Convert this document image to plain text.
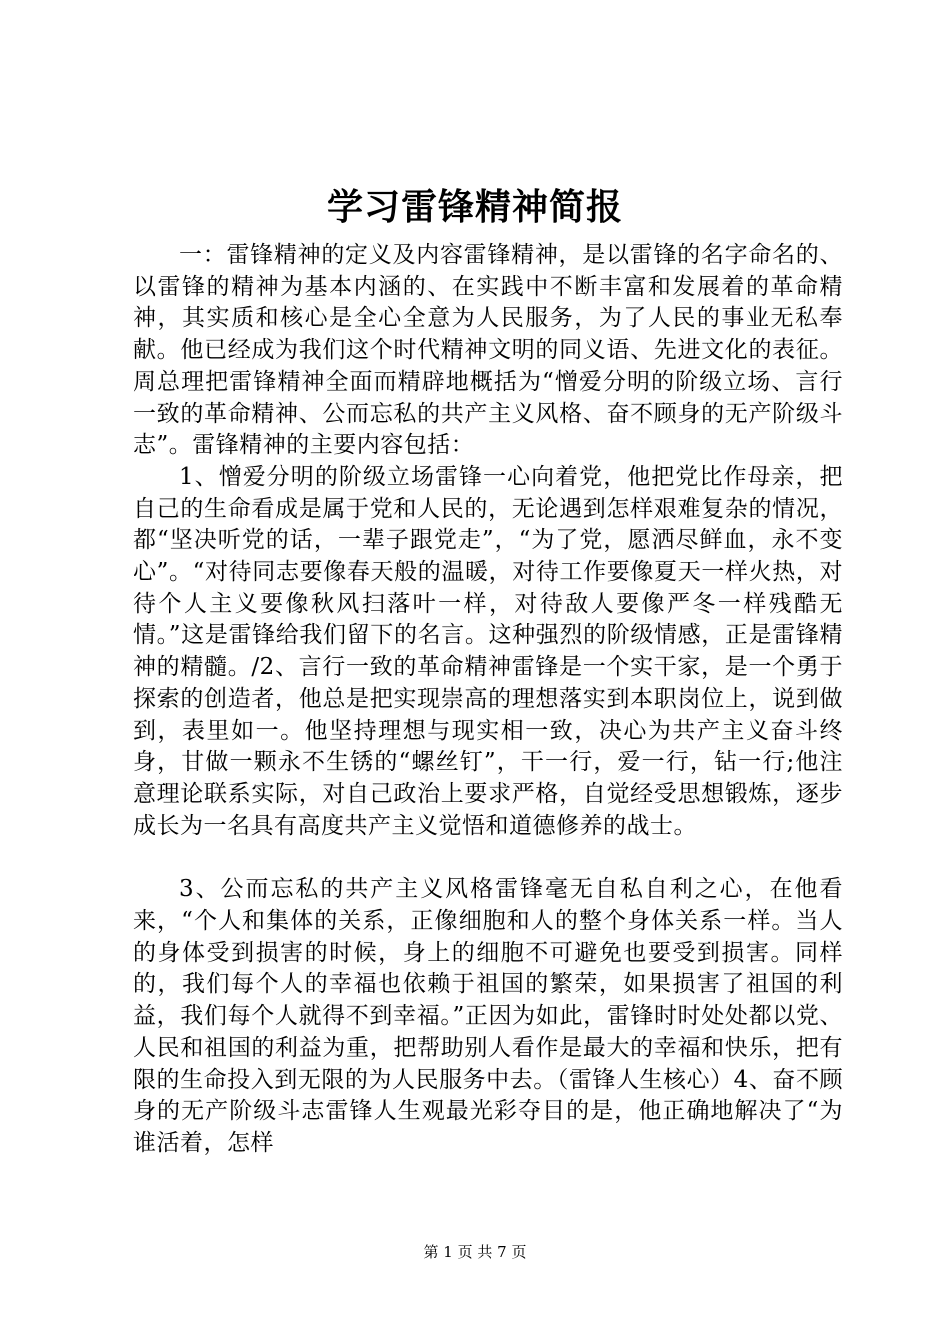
学习雷锋精神简报

一：雷锋精神的定义及内容雷锋精神，是以雷锋的名字命名的、以雷锋的精神为基本内涵的、在实践中不断丰富和发展着的革命精神，其实质和核心是全心全意为人民服务，为了人民的事业无私奉献。他已经成为我们这个时代精神文明的同义语、先进文化的表征。周总理把雷锋精神全面而精辟地概括为“憎爱分明的阶级立场、言行一致的革命精神、公而忘私的共产主义风格、奋不顾身的无产阶级斗志”。雷锋精神的主要内容包括：

1、憎爱分明的阶级立场雷锋一心向着党，他把党比作母亲，把自己的生命看成是属于党和人民的，无论遇到怎样艰难复杂的情况，都“坚决听党的话，一辈子跟党走”，“为了党，愿洒尽鲜血，永不变心”。“对待同志要像春天般的温暖，对待工作要像夏天一样火热，对待个人主义要像秋风扫落叶一样，对待敌人要像严冬一样残酷无情。”这是雷锋给我们留下的名言。这种强烈的阶级情感，正是雷锋精神的精髓。/2、言行一致的革命精神雷锋是一个实干家，是一个勇于探索的创造者，他总是把实现崇高的理想落实到本职岗位上，说到做到，表里如一。他坚持理想与现实相一致，决心为共产主义奋斗终身，甘做一颗永不生锈的“螺丝钉”，干一行，爱一行，钻一行;他注意理论联系实际，对自己政治上要求严格，自觉经受思想锻炼，逐步成长为一名具有高度共产主义觉悟和道德修养的战士。

3、公而忘私的共产主义风格雷锋毫无自私自利之心，在他看来，“个人和集体的关系，正像细胞和人的整个身体关系一样。当人的身体受到损害的时候，身上的细胞不可避免也要受到损害。同样的，我们每个人的幸福也依赖于祖国的繁荣，如果损害了祖国的利益，我们每个人就得不到幸福。”正因为如此，雷锋时时处处都以党、人民和祖国的利益为重，把帮助别人看作是最大的幸福和快乐，把有限的生命投入到无限的为人民服务中去。（雷锋人生核心）4、奋不顾身的无产阶级斗志雷锋人生观最光彩夺目的是，他正确地解决了“为谁活着，怎样

第 1 页 共 7 页
